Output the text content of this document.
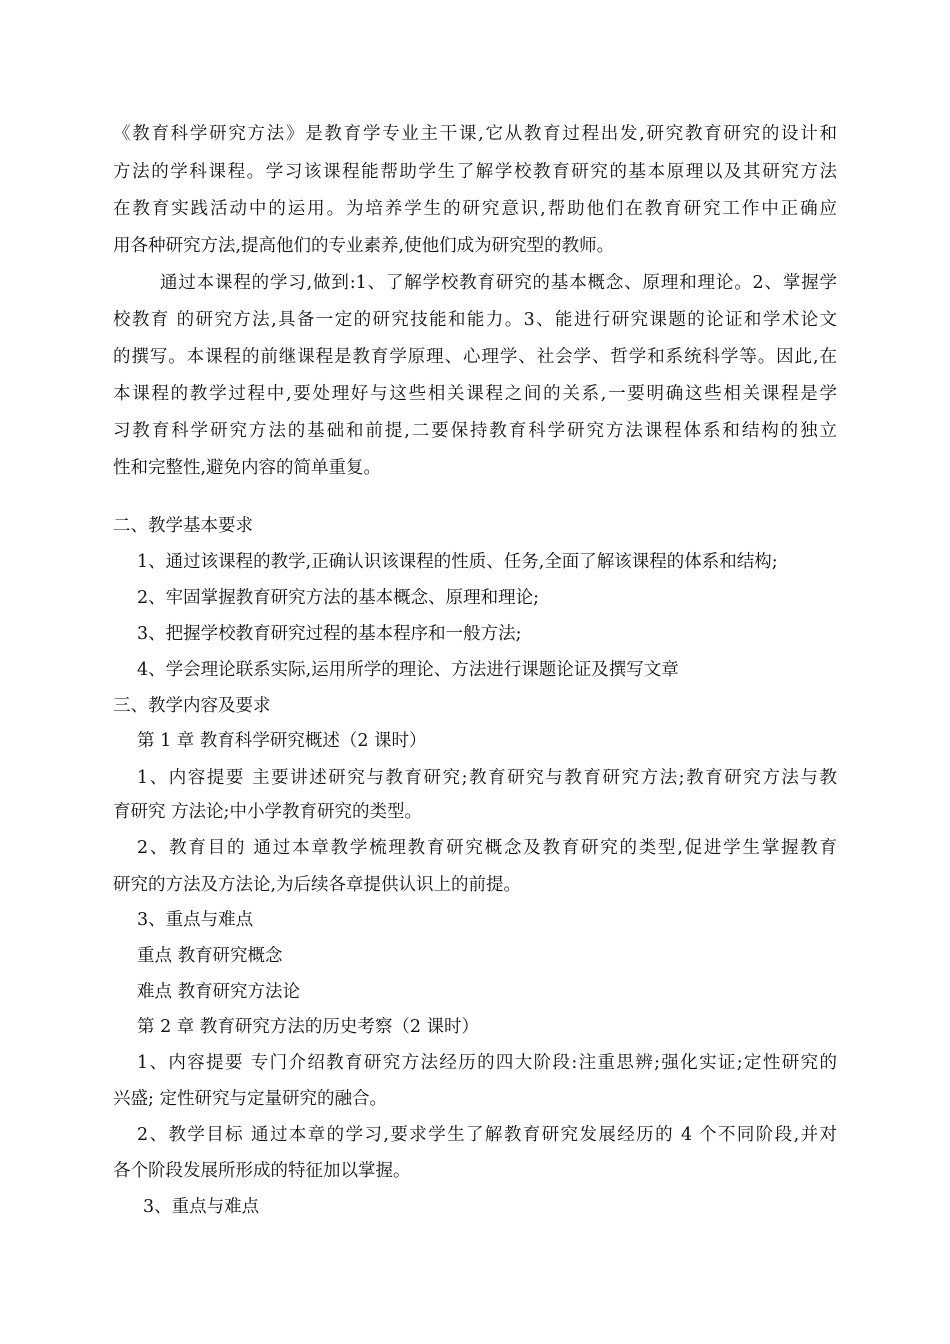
《教育科学研究方法》是教育学专业主干课,它从教育过程出发,研究教育研究的设计和
方法的学科课程。学习该课程能帮助学生了解学校教育研究的基本原理以及其研究方法
在教育实践活动中的运用。为培养学生的研究意识,帮助他们在教育研究工作中正确应
用各种研究方法,提高他们的专业素养,使他们成为研究型的教师。
通过本课程的学习,做到:1、了解学校教育研究的基本概念、原理和理论。2、掌握学
校教育 的研究方法,具备一定的研究技能和能力。3、能进行研究课题的论证和学术论文
的撰写。本课程的前继课程是教育学原理、心理学、社会学、哲学和系统科学等。因此,在
本课程的教学过程中,要处理好与这些相关课程之间的关系,一要明确这些相关课程是学
习教育科学研究方法的基础和前提,二要保持教育科学研究方法课程体系和结构的独立
性和完整性,避免内容的简单重复。
二、教学基本要求
1、通过该课程的教学,正确认识该课程的性质、任务,全面了解该课程的体系和结构;
2、牢固掌握教育研究方法的基本概念、原理和理论;
3、把握学校教育研究过程的基本程序和一般方法;
4、学会理论联系实际,运用所学的理论、方法进行课题论证及撰写文章
三、教学内容及要求
第 1 章 教育科学研究概述（2 课时）
1、内容提要 主要讲述研究与教育研究;教育研究与教育研究方法;教育研究方法与教
育研究 方法论;中小学教育研究的类型。
2、教育目的 通过本章教学梳理教育研究概念及教育研究的类型,促进学生掌握教育
研究的方法及方法论,为后续各章提供认识上的前提。
3、重点与难点
重点 教育研究概念
难点 教育研究方法论
第 2 章 教育研究方法的历史考察（2 课时）
1、内容提要 专门介绍教育研究方法经历的四大阶段:注重思辨;强化实证;定性研究的
兴盛; 定性研究与定量研究的融合。
2、教学目标 通过本章的学习,要求学生了解教育研究发展经历的 4 个不同阶段,并对
各个阶段发展所形成的特征加以掌握。
3、重点与难点
